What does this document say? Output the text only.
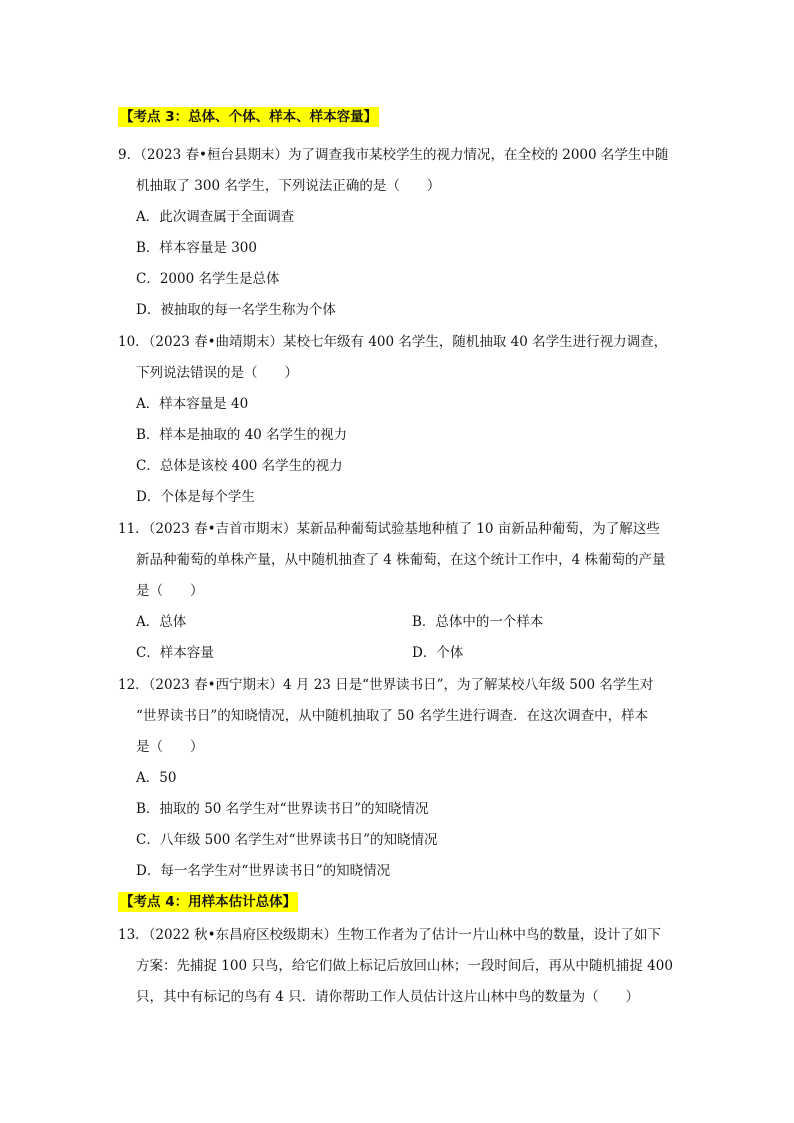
【考点 3：总体、个体、样本、样本容量】
9．（2023 春•桓台县期末）为了调查我市某校学生的视力情况，在全校的 2000 名学生中随
机抽取了 300 名学生，下列说法正确的是（　　）
A．此次调查属于全面调查
B．样本容量是 300
C．2000 名学生是总体
D．被抽取的每一名学生称为个体
10．（2023 春•曲靖期末）某校七年级有 400 名学生，随机抽取 40 名学生进行视力调查，
下列说法错误的是（　　）
A．样本容量是 40
B．样本是抽取的 40 名学生的视力
C．总体是该校 400 名学生的视力
D．个体是每个学生
11．（2023 春•吉首市期末）某新品种葡萄试验基地种植了 10 亩新品种葡萄，为了解这些
新品种葡萄的单株产量，从中随机抽查了 4 株葡萄，在这个统计工作中，4 株葡萄的产量
是（　　）
A．总体	B．总体中的一个样本
C．样本容量	D．个体
12．（2023 春•西宁期末）4 月 23 日是“世界读书日”，为了解某校八年级 500 名学生对
“世界读书日”的知晓情况，从中随机抽取了 50 名学生进行调查．在这次调查中，样本
是（　　）
A．50
B．抽取的 50 名学生对“世界读书日”的知晓情况
C．八年级 500 名学生对“世界读书日”的知晓情况
D．每一名学生对“世界读书日”的知晓情况
【考点 4：用样本估计总体】
13．（2022 秋•东昌府区校级期末）生物工作者为了估计一片山林中鸟的数量，设计了如下
方案：先捕捉 100 只鸟，给它们做上标记后放回山林；一段时间后，再从中随机捕捉 400
只，其中有标记的鸟有 4 只．请你帮助工作人员估计这片山林中鸟的数量为（　　）
